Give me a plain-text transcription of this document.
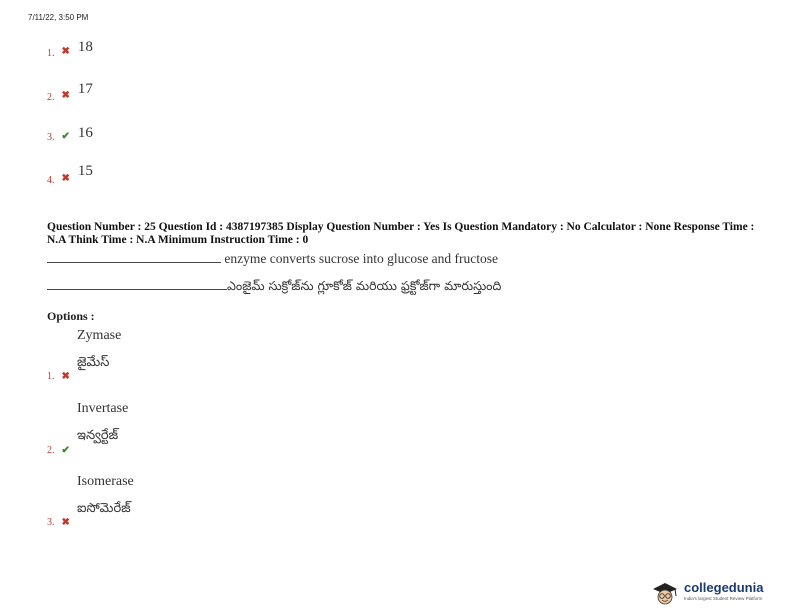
7/11/22, 3:50 PM
$_{1.}$ ✖ 18
$_{2.}$ ✖ 17
3. ✔ 16
$_{4.}$ ✖ 15
Question Number : 25 Question Id : 4387197385 Display Question Number : Yes Is Question Mandatory : No Calculator : None Response Time : N.A Think Time : N.A Minimum Instruction Time : 0
enzyme converts sucrose into glucose and fructose
ఎంజైమ్ సుక్రోజ్‌ను గ్లూకోజ్ మరియు ఫ్రక్టోజ్‌గా మారుస్తుంది
Options :
Zymase
జైమేస్
1. ✖
Invertase
ఇన్వర్టేజ్
2. ✔
Isomerase
ఐసోమెరేజ్
3. ✖
collegedunia
India's largest Student Review Platform
